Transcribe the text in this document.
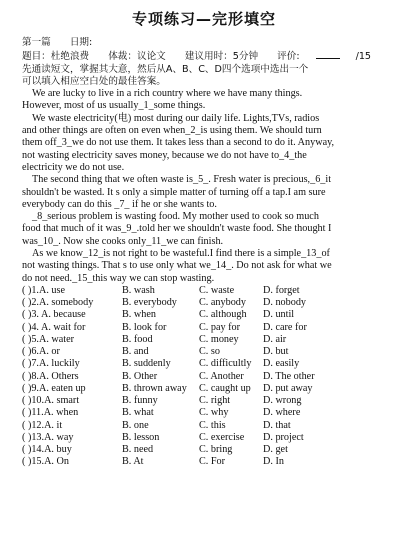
专项练习—完形填空
第一篇 日期:
题目：杜绝浪费 体裁：议论文 建议用时：5分钟 评价:	/15
先通读短文，掌握其大意，然后从A、B、C、D四个选项中选出一个
可以填入相应空白处的最佳答案。

We are lucky to live in a rich country where we have many things.

However, most of us usually_1_some things.

We waste electricity(电) most during our daily life. Lights,TVs, radios

and other things are often on even when_2_is using them. We should turn

them off_3_we do not use them. It takes less than a second to do it. Anyway,

not wasting electricity saves money, because we do not have to_4_the

electricity we do not use.

The second thing that we often waste is_5_. Fresh water is precious,_6_it

shouldn't be wasted. It s only a simple matter of turning off a tap.I am sure

everybody can do this _7_ if he or she wants to.

_8_serious problem is wasting food. My mother used to cook so much

food that much of it was_9_.told her we shouldn't waste food. She thought I

was_10_. Now she cooks only_11_we can finish.

As we know_12_is not right to be wasteful.I find there is a simple_13_of

not wasting things. That s to use only what we_14_. Do not ask for what we

do not need._15_this way we can stop wasting.

( )1.A. use	B. wash	C. waste	D. forget
( )2.A. somebody	B. everybody	C. anybody	D. nobody
( )3. A. because	B. when	C. although	D. until
( )4. A. wait for	B. look for	C. pay for	D. care for
( )5.A. water	B. food	C. money	D. air
( )6.A. or	B. and	C. so	D. but
( )7.A. luckily	B. suddenly	C. difficultly	D. easily
( )8.A. Others	B. Other	C. Another	D. The other
( )9.A. eaten up	B. thrown away	C. caught up	D. put away
( )10.A. smart	B. funny	C. right	D. wrong
( )11.A. when	B. what	C. why	D. where
( )12.A. it	B. one	C. this	D. that
( )13.A. way	B. lesson	C. exercise	D. project
( )14.A. buy	B. need	C. bring	D. get
( )15.A. On	B. At	C. For	D. In
